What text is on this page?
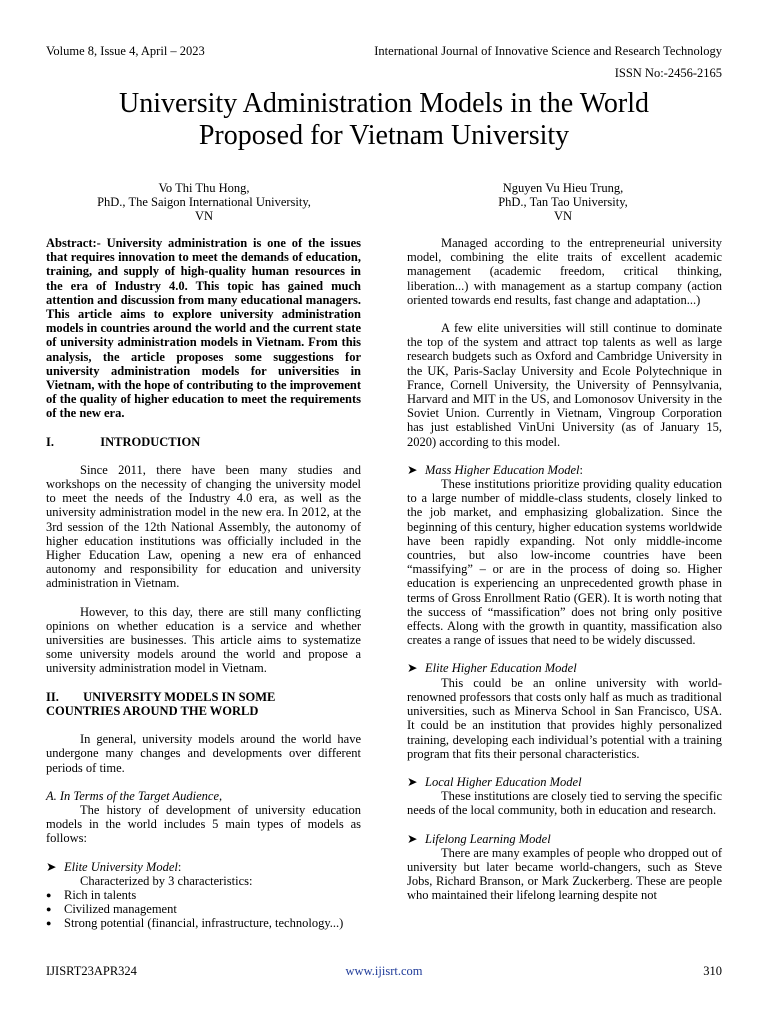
Volume 8, Issue 4, April – 2023	International Journal of Innovative Science and Research Technology
ISSN No:-2456-2165
University Administration Models in the World
Proposed for Vietnam University
Vo Thi Thu Hong,
PhD., The Saigon International University,
VN
Nguyen Vu Hieu Trung,
PhD., Tan Tao University,
VN

Abstract:- University administration is one of the issues that requires innovation to meet the demands of education, training, and supply of high-quality human resources in the era of Industry 4.0. This topic has gained much attention and discussion from many educational managers. This article aims to explore university administration models in countries around the world and the current state of university administration models in Vietnam. From this analysis, the article proposes some suggestions for university administration models for universities in Vietnam, with the hope of contributing to the improvement of the quality of higher education to meet the requirements of the new era.

I.	INTRODUCTION

Since 2011, there have been many studies and workshops on the necessity of changing the university model to meet the needs of the Industry 4.0 era, as well as the university administration model in the new era. In 2012, at the 3rd session of the 12th National Assembly, the autonomy of higher education institutions was officially included in the Higher Education Law, opening a new era of enhanced autonomy and responsibility for education and university administration in Vietnam.

However, to this day, there are still many conflicting opinions on whether education is a service and whether universities are businesses. This article aims to systematize some university models around the world and propose a university administration model in Vietnam.

II. UNIVERSITY MODELS IN SOME
COUNTRIES AROUND THE WORLD

In general, university models around the world have undergone many changes and developments over different periods of time.

A. In Terms of the Target Audience,

The history of development of university education models in the world includes 5 main types of models as follows:

➤ Elite University Model:

Characterized by 3 characteristics:

● Rich in talents
● Civilized management
● Strong potential (financial, infrastructure, technology...)

Managed according to the entrepreneurial university model, combining the elite traits of excellent academic management (academic freedom, critical thinking, liberation...) with management as a startup company (action oriented towards end results, fast change and adaptation...)

A few elite universities will still continue to dominate the top of the system and attract top talents as well as large research budgets such as Oxford and Cambridge University in the UK, Paris-Saclay University and Ecole Polytechnique in France, Cornell University, the University of Pennsylvania, Harvard and MIT in the US, and Lomonosov University in the Soviet Union. Currently in Vietnam, Vingroup Corporation has just established VinUni University (as of January 15, 2020) according to this model.

➤ Mass Higher Education Model:

These institutions prioritize providing quality education to a large number of middle-class students, closely linked to the job market, and emphasizing globalization. Since the beginning of this century, higher education systems worldwide have been rapidly expanding. Not only middle-income countries, but also low-income countries have been “massifying” – or are in the process of doing so. Higher education is experiencing an unprecedented growth phase in terms of Gross Enrollment Ratio (GER). It is worth noting that the success of “massification” does not bring only positive effects. Along with the growth in quantity, massification also creates a range of issues that need to be widely discussed.

➤ Elite Higher Education Model

This could be an online university with world-renowned professors that costs only half as much as traditional universities, such as Minerva School in San Francisco, USA. It could be an institution that provides highly personalized training, developing each individual’s potential with a training program that fits their personal characteristics.

➤ Local Higher Education Model

These institutions are closely tied to serving the specific needs of the local community, both in education and research.

➤ Lifelong Learning Model

There are many examples of people who dropped out of university but later became world-changers, such as Steve Jobs, Richard Branson, or Mark Zuckerberg. These are people who maintained their lifelong learning despite not

IJISRT23APR324	www.ijisrt.com	310
